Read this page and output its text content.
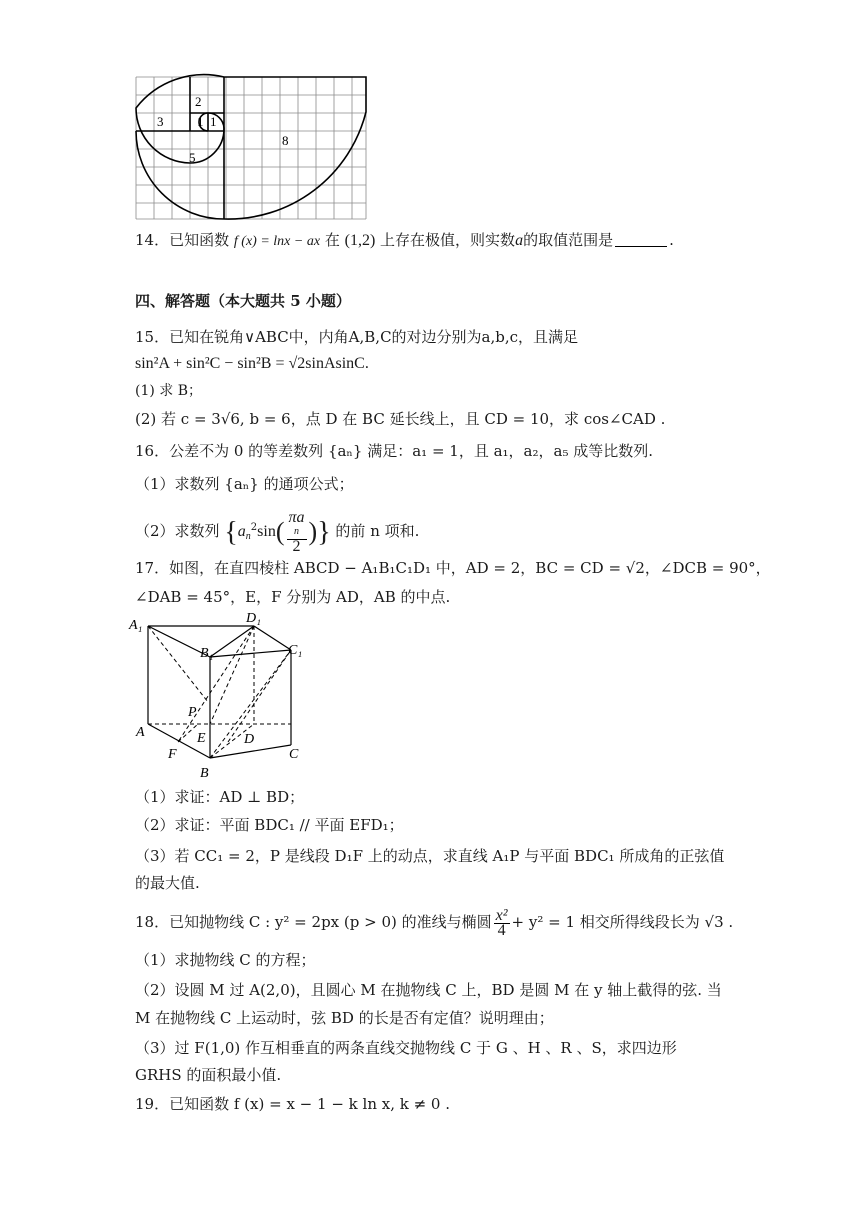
2
3	1 1
5
8
14．已知函数 f (x) = lnx − ax 在 (1,2) 上存在极值，则实数a的取值范围是	.
四、解答题（本大题共 5 小题）
15．已知在锐角∨ABC中，内角A,B,C的对边分别为a,b,c，且满足
sin²A + sin²C − sin²B = √2sinAsinC.
(1) 求 B；
(2) 若 c = 3√6, b = 6，点 D 在 BC 延长线上，且 CD = 10，求 cos∠CAD .
16．公差不为 0 的等差数列 {aₙ} 满足：a₁ = 1，且 a₁，a₂，a₅ 成等比数列.
（1）求数列 {aₙ} 的通项公式；
（2）求数列 {$a_n^2\sin$( πa
n
2 )} 的前 n 项和.
17．如图，在直四棱柱 ABCD − A₁B₁C₁D₁ 中，AD = 2，BC = CD = √2，∠DCB = 90°，
∠DAB = 45°，E，F 分别为 AD，AB 的中点.
A₁	D₁
B₁	C₁
P
A	E	D
F
B
C
（1）求证：AD ⊥ BD；
（2）求证：平面 BDC₁ // 平面 EFD₁；
（3）若 CC₁ = 2，P 是线段 D₁F 上的动点，求直线 A₁P 与平面 BDC₁ 所成角的正弦值
的最大值.
18．已知抛物线 C : y² = 2px (p > 0) 的准线与椭圆 $\frac{\text{x²}}{4} + y^2 = 1$ 相交所得线段长为 √3 .
（1）求抛物线 C 的方程；
（2）设圆 M 过 A(2,0)，且圆心 M 在抛物线 C 上，BD 是圆 M 在 y 轴上截得的弦. 当
M 在抛物线 C 上运动时，弦 BD 的长是否有定值？说明理由；
（3）过 F(1,0) 作互相垂直的两条直线交抛物线 C 于 G 、H 、R 、S，求四边形
GRHS 的面积最小值.
19．已知函数 f (x) = x − 1 − k ln x, k ≠ 0 .
